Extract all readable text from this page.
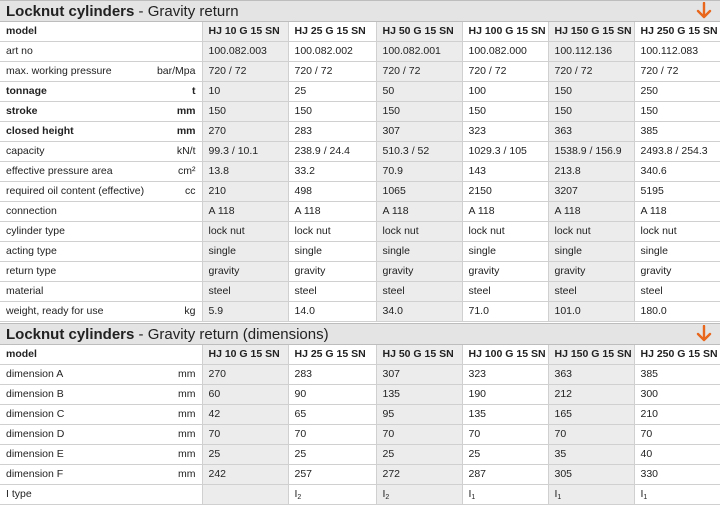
Locknut cylinders - Gravity return
model	HJ 10 G 15 SN	HJ 25 G 15 SN	HJ 50 G 15 SN	HJ 100 G 15 SN	HJ 150 G 15 SN	HJ 250 G 15 SN
art no	100.082.003	100.082.002	100.082.001	100.082.000	100.112.136	100.112.083
max. working pressure bar/Mpa	720 / 72	720 / 72	720 / 72	720 / 72	720 / 72	720 / 72
tonnage t	10	25	50	100	150	250
stroke mm	150	150	150	150	150	150
closed height mm	270	283	307	323	363	385
capacity kN/t	99.3 / 10.1	238.9 / 24.4	510.3 / 52	1029.3 / 105	1538.9 / 156.9	2493.8 / 254.3
effective pressure area cm²	13.8	33.2	70.9	143	213.8	340.6
required oil content (effective) cc	210	498	1065	2150	3207	5195
connection	A 118	A 118	A 118	A 118	A 118	A 118
cylinder type	lock nut	lock nut	lock nut	lock nut	lock nut	lock nut
acting type	single	single	single	single	single	single
return type	gravity	gravity	gravity	gravity	gravity	gravity
material	steel	steel	steel	steel	steel	steel
weight, ready for use kg	5.9	14.0	34.0	71.0	101.0	180.0
Locknut cylinders - Gravity return (dimensions)
model	HJ 10 G 15 SN	HJ 25 G 15 SN	HJ 50 G 15 SN	HJ 100 G 15 SN	HJ 150 G 15 SN	HJ 250 G 15 SN
dimension A mm	270	283	307	323	363	385
dimension B mm	60	90	135	190	212	300
dimension C mm	42	65	95	135	165	210
dimension D mm	70	70	70	70	70	70
dimension E mm	25	25	25	25	35	40
dimension F mm	242	257	272	287	305	330
I type		$I_2$	$I_2$	$I_1$	$I_1$	$I_1$
